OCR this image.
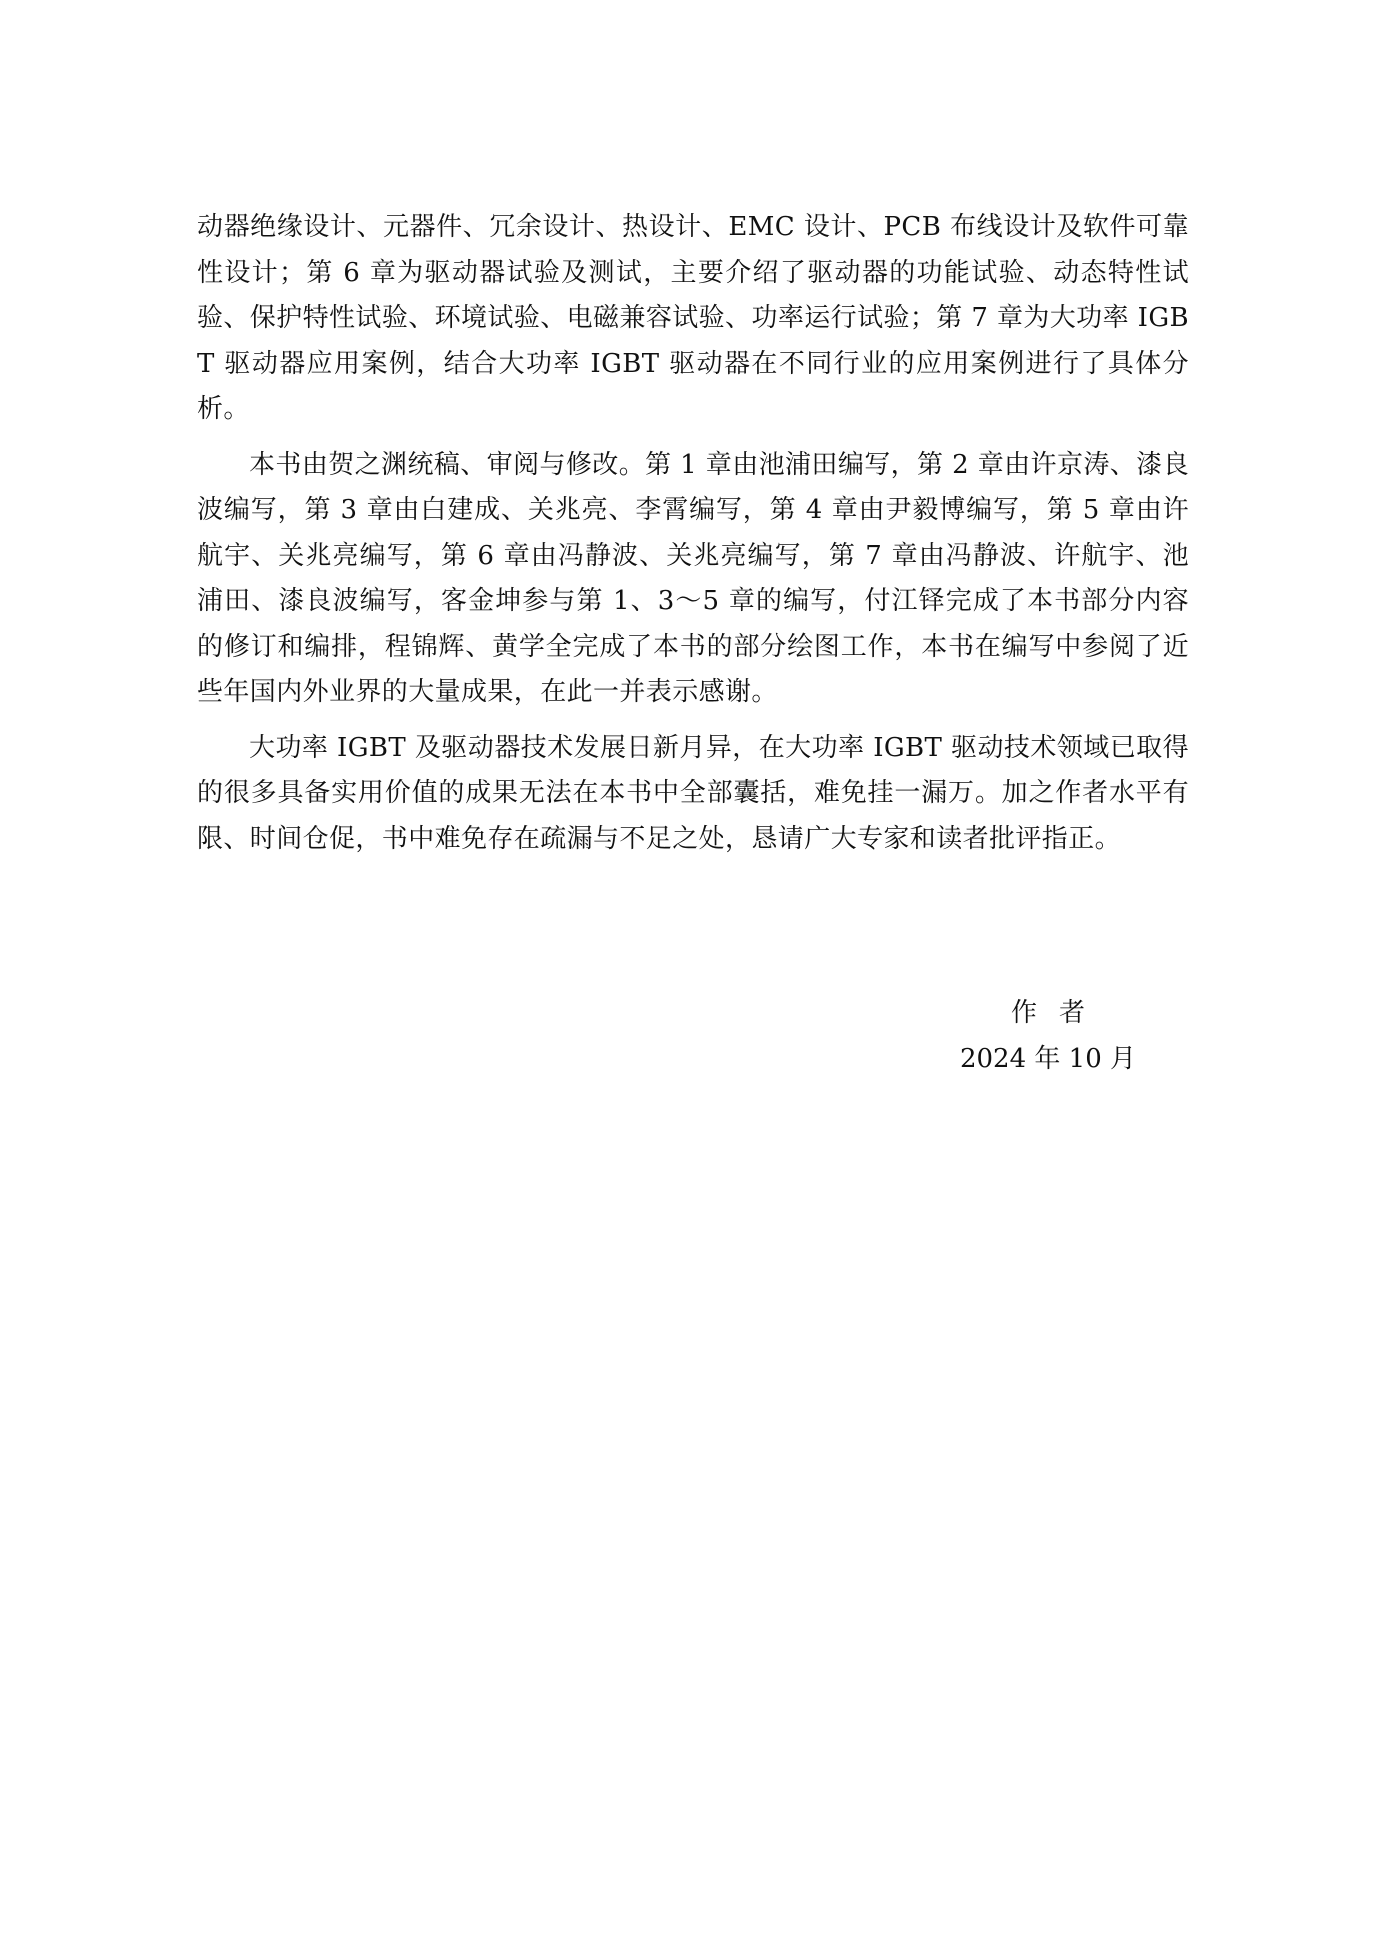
动器绝缘设计、元器件、冗余设计、热设计、EMC 设计、PCB 布线设计及软件可靠性设计；第 6 章为驱动器试验及测试，主要介绍了驱动器的功能试验、动态特性试验、保护特性试验、环境试验、电磁兼容试验、功率运行试验；第 7 章为大功率 IGBT 驱动器应用案例，结合大功率 IGBT 驱动器在不同行业的应用案例进行了具体分析。

本书由贺之渊统稿、审阅与修改。第 1 章由池浦田编写，第 2 章由许京涛、漆良波编写，第 3 章由白建成、关兆亮、李霄编写，第 4 章由尹毅博编写，第 5 章由许航宇、关兆亮编写，第 6 章由冯静波、关兆亮编写，第 7 章由冯静波、许航宇、池浦田、漆良波编写，客金坤参与第 1、3～5 章的编写，付江铎完成了本书部分内容的修订和编排，程锦辉、黄学全完成了本书的部分绘图工作，本书在编写中参阅了近些年国内外业界的大量成果，在此一并表示感谢。

大功率 IGBT 及驱动器技术发展日新月异，在大功率 IGBT 驱动技术领域已取得的很多具备实用价值的成果无法在本书中全部囊括，难免挂一漏万。加之作者水平有限、时间仓促，书中难免存在疏漏与不足之处，恳请广大专家和读者批评指正。

作者
2024 年 10 月
